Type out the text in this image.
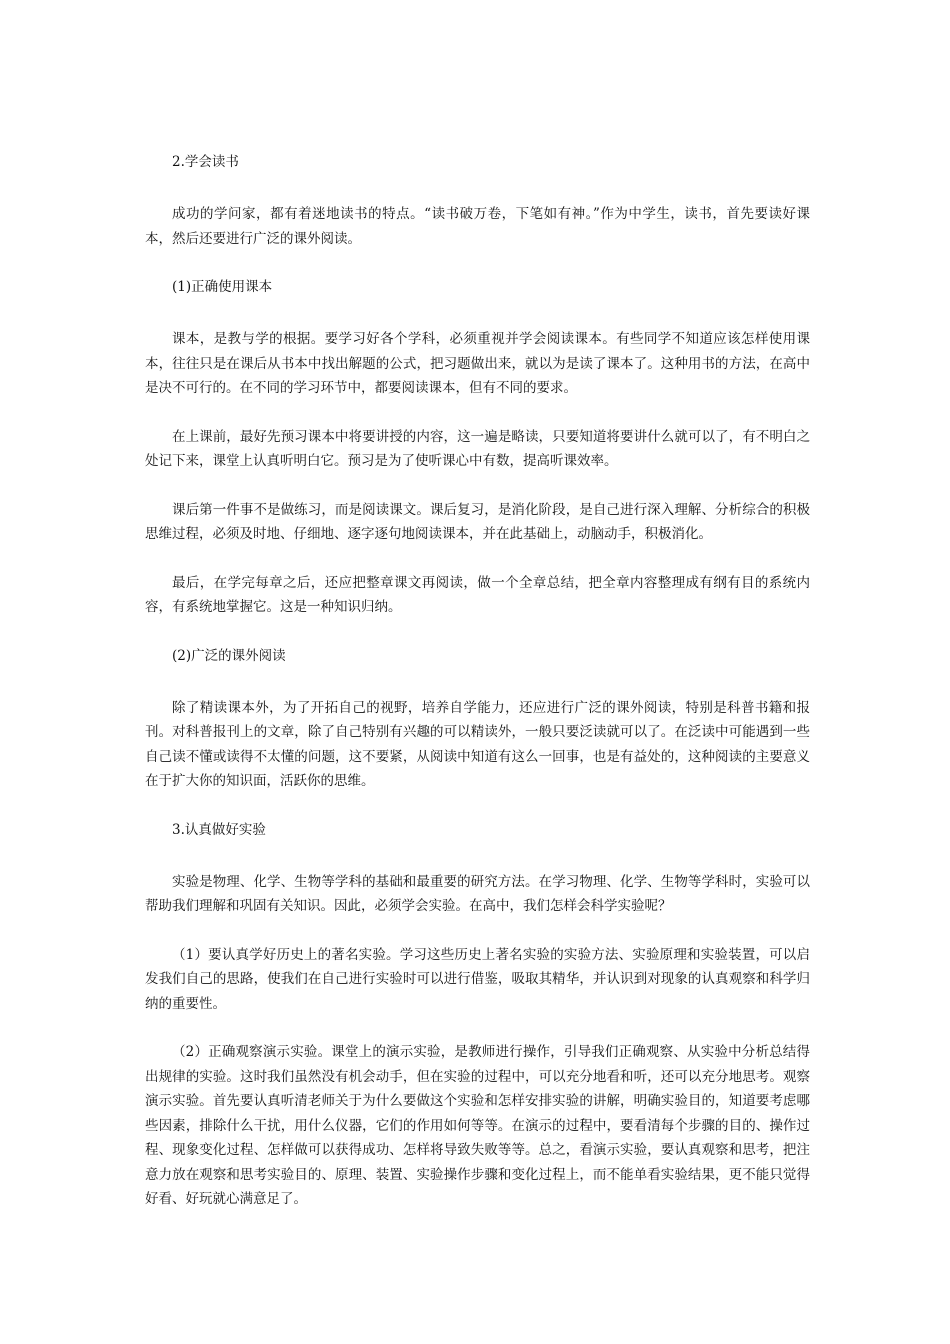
2.学会读书

成功的学问家，都有着迷地读书的特点。“读书破万卷，下笔如有神。”作为中学生，读书，首先要读好课本，然后还要进行广泛的课外阅读。

(1)正确使用课本

课本，是教与学的根据。要学习好各个学科，必须重视并学会阅读课本。有些同学不知道应该怎样使用课本，往往只是在课后从书本中找出解题的公式，把习题做出来，就以为是读了课本了。这种用书的方法，在高中是决不可行的。在不同的学习环节中，都要阅读课本，但有不同的要求。

在上课前，最好先预习课本中将要讲授的内容，这一遍是略读，只要知道将要讲什么就可以了，有不明白之处记下来，课堂上认真听明白它。预习是为了使听课心中有数，提高听课效率。

课后第一件事不是做练习，而是阅读课文。课后复习，是消化阶段，是自己进行深入理解、分析综合的积极思维过程，必须及时地、仔细地、逐字逐句地阅读课本，并在此基础上，动脑动手，积极消化。

最后，在学完每章之后，还应把整章课文再阅读，做一个全章总结，把全章内容整理成有纲有目的系统内容，有系统地掌握它。这是一种知识归纳。

(2)广泛的课外阅读

除了精读课本外，为了开拓自己的视野，培养自学能力，还应进行广泛的课外阅读，特别是科普书籍和报刊。对科普报刊上的文章，除了自己特别有兴趣的可以精读外，一般只要泛读就可以了。在泛读中可能遇到一些自己读不懂或读得不太懂的问题，这不要紧，从阅读中知道有这么一回事，也是有益处的，这种阅读的主要意义在于扩大你的知识面，活跃你的思维。

3.认真做好实验

实验是物理、化学、生物等学科的基础和最重要的研究方法。在学习物理、化学、生物等学科时，实验可以帮助我们理解和巩固有关知识。因此，必须学会实验。在高中，我们怎样会科学实验呢？

（1）要认真学好历史上的著名实验。学习这些历史上著名实验的实验方法、实验原理和实验装置，可以启发我们自己的思路，使我们在自己进行实验时可以进行借鉴，吸取其精华，并认识到对现象的认真观察和科学归纳的重要性。

（2）正确观察演示实验。课堂上的演示实验，是教师进行操作，引导我们正确观察、从实验中分析总结得出规律的实验。这时我们虽然没有机会动手，但在实验的过程中，可以充分地看和听，还可以充分地思考。观察演示实验。首先要认真听清老师关于为什么要做这个实验和怎样安排实验的讲解，明确实验目的，知道要考虑哪些因素，排除什么干扰，用什么仪器，它们的作用如何等等。在演示的过程中，要看清每个步骤的目的、操作过程、现象变化过程、怎样做可以获得成功、怎样将导致失败等等。总之，看演示实验，要认真观察和思考，把注意力放在观察和思考实验目的、原理、装置、实验操作步骤和变化过程上，而不能单看实验结果，更不能只觉得好看、好玩就心满意足了。
